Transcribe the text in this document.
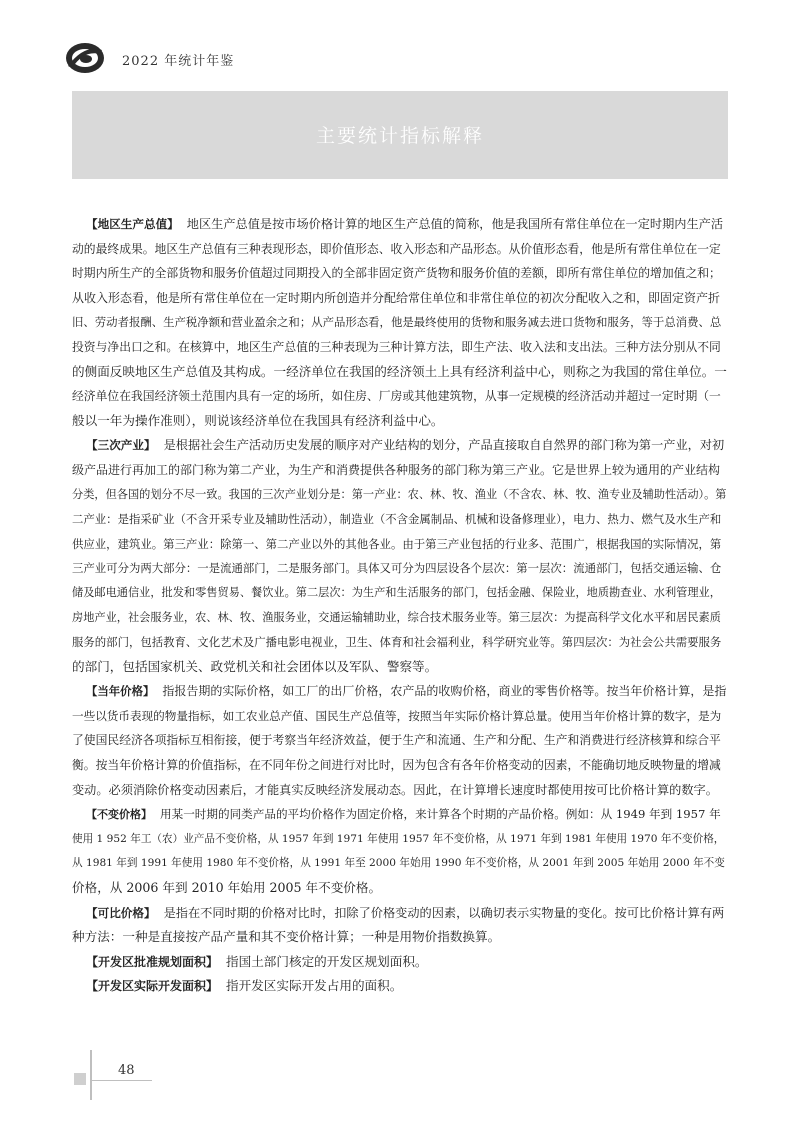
2022 年统计年鉴
主要统计指标解释
【地区生产总值】 地区生产总值是按市场价格计算的地区生产总值的简称，他是我国所有常住单位在一定时期内生产活
动的最终成果。地区生产总值有三种表现形态，即价值形态、收入形态和产品形态。从价值形态看，他是所有常住单位在一定
时期内所生产的全部货物和服务价值超过同期投入的全部非固定资产货物和服务价值的差额，即所有常住单位的增加值之和；
从收入形态看，他是所有常住单位在一定时期内所创造并分配给常住单位和非常住单位的初次分配收入之和，即固定资产折
旧、劳动者报酬、生产税净额和营业盈余之和；从产品形态看，他是最终使用的货物和服务减去进口货物和服务，等于总消费、总
投资与净出口之和。在核算中，地区生产总值的三种表现为三种计算方法，即生产法、收入法和支出法。三种方法分别从不同
的侧面反映地区生产总值及其构成。一经济单位在我国的经济领土上具有经济利益中心，则称之为我国的常住单位。一
经济单位在我国经济领土范围内具有一定的场所，如住房、厂房或其他建筑物，从事一定规模的经济活动并超过一定时期（一
般以一年为操作准则），则说该经济单位在我国具有经济利益中心。
【三次产业】 是根据社会生产活动历史发展的顺序对产业结构的划分，产品直接取自自然界的部门称为第一产业，对初
级产品进行再加工的部门称为第二产业，为生产和消费提供各种服务的部门称为第三产业。它是世界上较为通用的产业结构
分类，但各国的划分不尽一致。我国的三次产业划分是：第一产业：农、林、牧、渔业（不含农、林、牧、渔专业及辅助性活动）。第
二产业：是指采矿业（不含开采专业及辅助性活动），制造业（不含金属制品、机械和设备修理业），电力、热力、燃气及水生产和
供应业，建筑业。第三产业：除第一、第二产业以外的其他各业。由于第三产业包括的行业多、范围广，根据我国的实际情况，第
三产业可分为两大部分：一是流通部门，二是服务部门。具体又可分为四层设各个层次：第一层次：流通部门，包括交通运输、仓
储及邮电通信业，批发和零售贸易、餐饮业。第二层次：为生产和生活服务的部门，包括金融、保险业，地质勘查业、水利管理业，
房地产业，社会服务业，农、林、牧、渔服务业，交通运输辅助业，综合技术服务业等。第三层次：为提高科学文化水平和居民素质
服务的部门，包括教育、文化艺术及广播电影电视业，卫生、体育和社会福利业，科学研究业等。第四层次：为社会公共需要服务
的部门，包括国家机关、政党机关和社会团体以及军队、警察等。
【当年价格】 指报告期的实际价格，如工厂的出厂价格，农产品的收购价格，商业的零售价格等。按当年价格计算，是指
一些以货币表现的物量指标，如工农业总产值、国民生产总值等，按照当年实际价格计算总量。使用当年价格计算的数字，是为
了使国民经济各项指标互相衔接，便于考察当年经济效益，便于生产和流通、生产和分配、生产和消费进行经济核算和综合平
衡。按当年价格计算的价值指标，在不同年份之间进行对比时，因为包含有各年价格变动的因素，不能确切地反映物量的增减
变动。必须消除价格变动因素后，才能真实反映经济发展动态。因此，在计算增长速度时都使用按可比价格计算的数字。
【不变价格】 用某一时期的同类产品的平均价格作为固定价格，来计算各个时期的产品价格。例如：从 1949 年到 1957 年
使用 1 952 年工（农）业产品不变价格，从 1957 年到 1971 年使用 1957 年不变价格，从 1971 年到 1981 年使用 1970 年不变价格，
从 1981 年到 1991 年使用 1980 年不变价格，从 1991 年至 2000 年始用 1990 年不变价格，从 2001 年到 2005 年始用 2000 年不变
价格，从 2006 年到 2010 年始用 2005 年不变价格。
【可比价格】 是指在不同时期的价格对比时，扣除了价格变动的因素，以确切表示实物量的变化。按可比价格计算有两
种方法：一种是直接按产品产量和其不变价格计算；一种是用物价指数换算。
【开发区批准规划面积】 指国土部门核定的开发区规划面积。
【开发区实际开发面积】 指开发区实际开发占用的面积。
48
